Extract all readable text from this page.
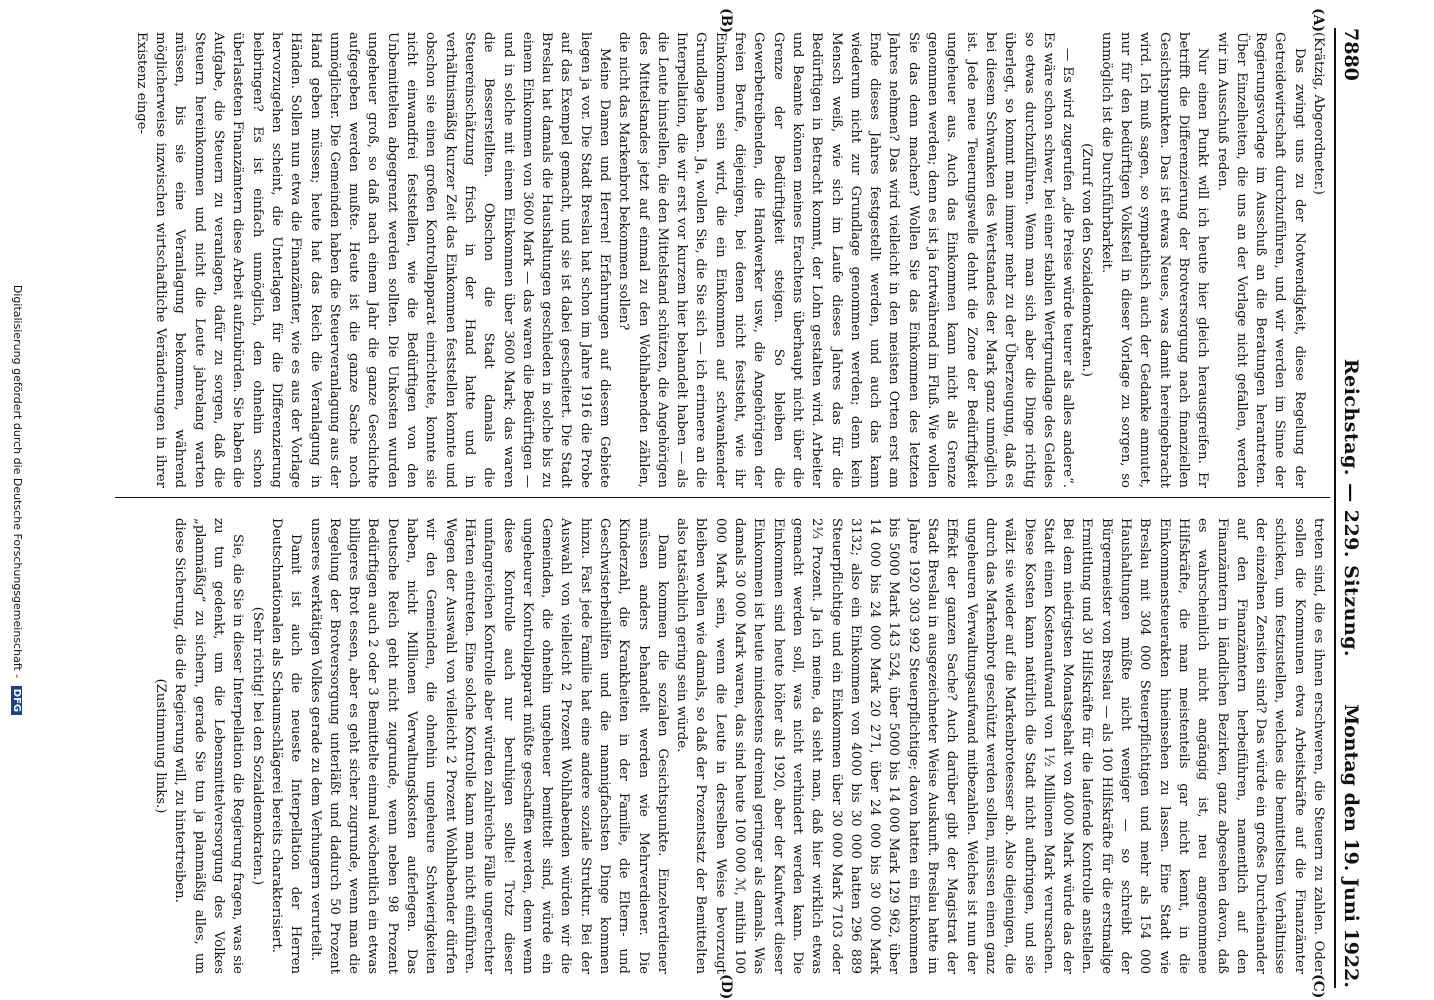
7880
Reichstag. — 229. Sitzung.
Montag den 19. Juni 1922.
(A)
(B)
(C)
(D)

(Krätzig, Abgeordneter.)

Das zwingt uns zu der Notwendigkeit, diese Regelung der Getreidewirtschaft durchzuführen, und wir werden im Sinne der Regierungsvorlage im Ausschuß an die Beratungen herantreten. Über Einzelheiten, die uns an der Vorlage nicht gefallen, werden wir im Ausschuß reden.

Nur einen Punkt will ich heute hier gleich herausgreifen. Er betrifft die Differenzierung der Brotversorgung nach finanziellen Gesichtspunkten. Das ist etwas Neues, was damit hereingebracht wird. Ich muß sagen, so sympathisch auch der Gedanke anmutet, nur für den bedürftigen Volksteil in dieser Vorlage zu sorgen, so unmöglich ist die Durchführbarkeit.

(Zuruf von den Sozialdemokraten.)

— Es wird zugerufen „die Preise würde teurer als alles andere“. Es wäre schon schwer, bei einer stabilen Wertgrundlage des Geldes so etwas durchzuführen. Wenn man sich aber die Dinge richtig überlegt, so kommt man immer mehr zu der Überzeugung, daß es bei diesem Schwanken des Wertstandes der Mark ganz unmöglich ist. Jede neue Teuerungswelle dehnt die Zone der Bedürftigkeit ungeheuer aus. Auch das Einkommen kann nicht als Grenze genommen werden; denn es ist ja fortwährend im Fluß. Wie wollen Sie das denn machen? Wollen Sie das Einkommen des letzten Jahres nehmen? Das wird vielleicht in den meisten Orten erst am Ende dieses Jahres festgestellt werden, und auch das kann wiederum nicht zur Grundlage genommen werden; denn kein Mensch weiß, wie sich im Laufe dieses Jahres das für die Bedürftigen in Betracht kommt, der Lohn gestalten wird. Arbeiter und Beamte können meines Erachtens überhaupt nicht über die Grenze der Bedürftigkeit steigen. So bleiben die Gewerbetreibenden, die Handwerker usw., die Angehörigen der freien Berufe, diejenigen, bei denen nicht feststeht, wie ihr Einkommen sein wird, die ein Einkommen auf schwankender Grundlage haben. Ja, wollen Sie, die Sie sich — ich erinnere an die Interpellation, die wir erst vor kurzem hier behandelt haben — als die Leute hinstellen, die den Mittelstand schützen, die Angehörigen des Mittelstandes jetzt auf einmal zu den Wohlhabenden zählen, die nicht das Markenbrot bekommen sollen?

Meine Damen und Herren! Erfahrungen auf diesem Gebiete liegen ja vor. Die Stadt Breslau hat schon im Jahre 1916 die Probe auf das Exempel gemacht, und sie ist dabei gescheitert. Die Stadt Breslau hat damals die Haushaltungen geschieden in solche bis zu einem Einkommen von 3600 Mark — das waren die Bedürftigen — und in solche mit einem Einkommen über 3600 Mark; das waren die Besserstellten. Obschon die Stadt damals die Steuereinschätzung frisch in der Hand hatte und in verhältnismäßig kurzer Zeit das Einkommen feststellen konnte und obschon sie einen großen Kontrollapparat einrichtete, konnte sie nicht einwandfrei feststellen, wie die Bedürftigen von den Unbemittelten abgegrenzt werden sollten. Die Unkosten wurden ungeheuer groß, so daß nach einem Jahr die ganze Geschichte aufgegeben werden mußte. Heute ist die ganze Sache noch unmöglicher. Die Gemeinden haben die Steuerveranlagung aus der Hand geben müssen; heute hat das Reich die Veranlagung in Händen. Sollen nun etwa die Finanzämter, wie es aus der Vorlage hervorzugehen scheint, die Unterlagen für die Differenzierung beibringen? Es ist einfach unmöglich, den ohnehin schon überlasteten Finanzämtern diese Arbeit aufzubürden. Sie haben die Aufgabe, die Steuern zu veranlagen, dafür zu sorgen, daß die Steuern hereinkommen und nicht die Leute jahrelang warten müssen, bis sie eine Veranlagung bekommen, während möglicherweise inzwischen wirtschaftliche Veränderungen in ihrer Existenz einge-

treten sind, die es ihnen erschweren, die Steuern zu zahlen. Oder sollen die Kommunen etwa Arbeitskräfte auf die Finanzämter schicken, um festzustellen, welches die bemitteltsten Verhältnisse der einzelnen Zensiten sind? Das würde ein großes Durcheinander auf den Finanzämtern herbeiführen, namentlich auf den Finanzämtern in ländlichen Bezirken, ganz abgesehen davon, daß es wahrscheinlich nicht angängig ist, neu angenommene Hilfskräfte, die man meistenteils gar nicht kennt, in die Einkommensteuerakten hineinsehen zu lassen. Eine Stadt wie Breslau mit 304 000 Steuerpflichtigen und mehr als 154 000 Haushaltungen müßte nicht weniger — so schreibt der Bürgermeister von Breslau — als 100 Hilfskräfte für die erstmalige Ermittlung und 30 Hilfskräfte für die laufende Kontrolle anstellen. Bei dem niedrigsten Monatsgehalt von 4000 Mark würde das der Stadt einen Kostenaufwand von 1½ Millionen Mark verursachen. Diese Kosten kann natürlich die Stadt nicht aufbringen, und sie wälzt sie wieder auf die Markenbroteesser ab. Also diejenigen, die durch das Markenbrot geschützt werden sollen, müssen einen ganz ungeheuren Verwaltungsaufwand mitbezahlen. Welches ist nun der Effekt der ganzen Sache? Auch darüber gibt der Magistrat der Stadt Breslau in ausgezeichneter Weise Auskunft. Breslau hatte im Jahre 1920 303 992 Steuerpflichtige; davon hatten ein Einkommen bis 5000 Mark 143 524, über 5000 bis 14 000 Mark 129 962, über 14 000 bis 24 000 Mark 20 271, über 24 000 bis 30 000 Mark 3132; also ein Einkommen von 4000 bis 30 000 hatten 296 889 Steuerpflichtige und ein Einkommen über 30 000 Mark 7103 oder 2⅓ Prozent. Ja ich meine, da sieht man, daß hier wirklich etwas gemacht werden soll, was nicht verhindert werden kann. Die Einkommen sind heute höher als 1920, aber der Kaufwert dieser Einkommen ist heute mindestens dreimal geringer als damals. Was damals 30 000 Mark waren, das sind heute 100 000 ℳ, mithin 100 000 Mark sein, wenn die Leute in derselben Weise bevorzugt bleiben wollen wie damals, so daß der Prozentsatz der Bemittelten also tatsächlich gering sein würde.

Dann kommen die sozialen Gesichtspunkte. Einzelverdiener müssen anders behandelt werden wie Mehrverdiener. Die Kinderzahl, die Krankheiten in der Familie, die Eltern- und Geschwisterbeihilfen und die mannigfachsten Dinge kommen hinzu. Fast jede Familie hat eine andere soziale Struktur. Bei der Auswahl von vielleicht 2 Prozent Wohlhabenden würden wir die Gemeinden, die ohnehin ungeheuer bemittelt sind, würde ein ungeheurer Kontrollapparat müßte geschaffen werden, denn wenn diese Kontrolle auch nur beruhigen sollte! Trotz dieser umfangreichen Kontrolle aber würden zahlreiche Fälle ungerechter Härten eintreten. Eine solche Kontrolle kann man nicht einführen. Wegen der Auswahl von vielleicht 2 Prozent Wohlhabender dürfen wir den Gemeinden, die ohnehin ungeheure Schwierigkeiten haben, nicht Millionen Verwaltungskosten auferlegen. Das Deutsche Reich geht nicht zugrunde, wenn neben 98 Prozent Bedürftigen auch 2 oder 3 Bemittelte einmal wöchentlich ein etwas billigeres Brot essen, aber es geht sicher zugrunde, wenn man die Regelung der Brotversorgung unterläßt und dadurch 50 Prozent unseres werktätigen Volkes gerade zu dem Verhungern verurteilt.

Damit ist auch die neueste Interpellation der Herren Deutschnationalen als Schaumschlägerei bereits charakterisiert.

(Sehr richtig! bei den Sozialdemokraten.)

Sie, die Sie in dieser Interpellation die Regierung fragen, was sie zu tun gedenkt, um die Lebensmittelversorgung des Volkes „planmäßig“ zu sichern, gerade Sie tun ja planmäßig alles, um diese Sicherung, die die Regierung will, zu hintertreiben.

(Zustimmung links.)

Digitalisierung gefördert durch die Deutsche Forschungsgemeinschaft - DFG
